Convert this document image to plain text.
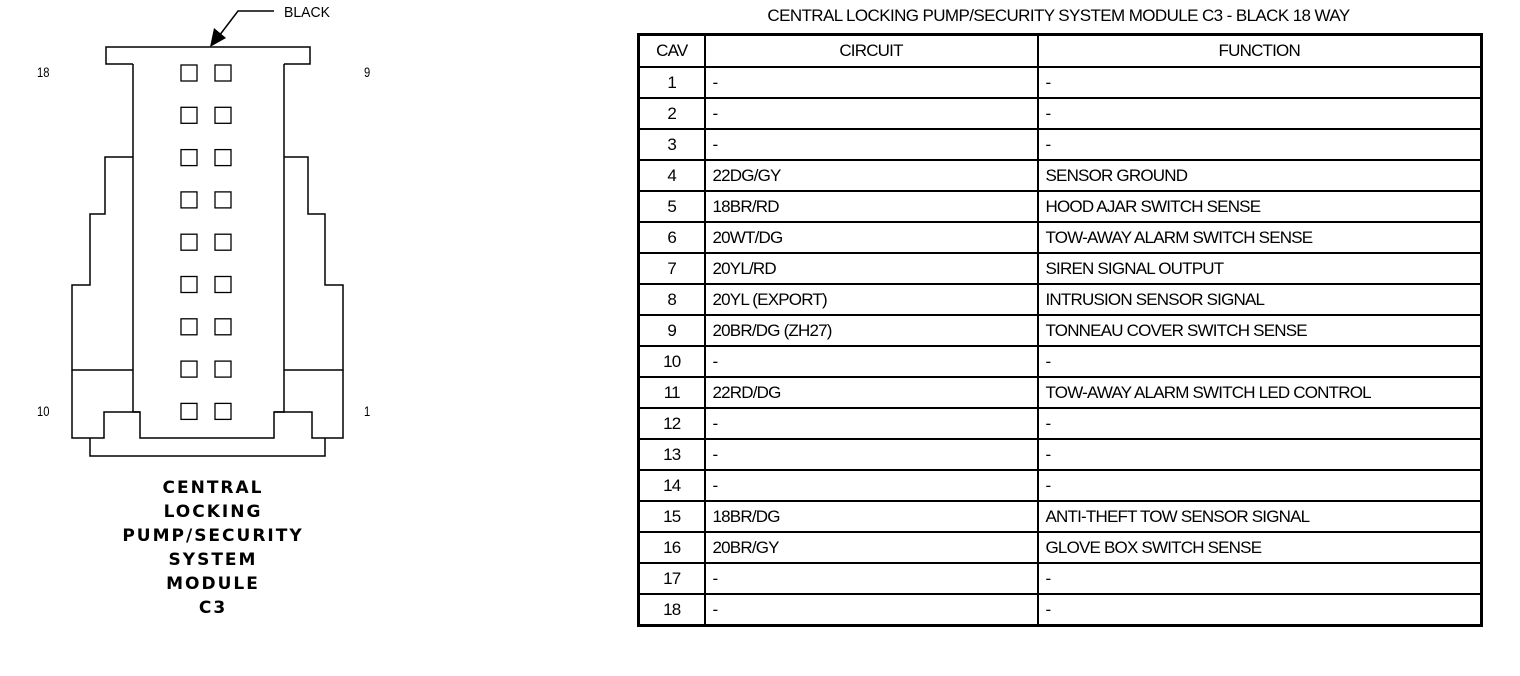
BLACK
18	9
10	1
CENTRAL
LOCKING
PUMP/SECURITY
SYSTEM
MODULE
C3
CENTRAL LOCKING PUMP/SECURITY SYSTEM MODULE C3 - BLACK 18 WAY
CAV	CIRCUIT	FUNCTION
1	-	-
2	-	-
3	-	-
4	22DG/GY	SENSOR GROUND
5	18BR/RD	HOOD AJAR SWITCH SENSE
6	20WT/DG	TOW-AWAY ALARM SWITCH SENSE
7	20YL/RD	SIREN SIGNAL OUTPUT
8	20YL (EXPORT)	INTRUSION SENSOR SIGNAL
9	20BR/DG (ZH27)	TONNEAU COVER SWITCH SENSE
10	-	-
11	22RD/DG	TOW-AWAY ALARM SWITCH LED CONTROL
12	-	-
13	-	-
14	-	-
15	18BR/DG	ANTI-THEFT TOW SENSOR SIGNAL
16	20BR/GY	GLOVE BOX SWITCH SENSE
17	-	-
18	-	-
